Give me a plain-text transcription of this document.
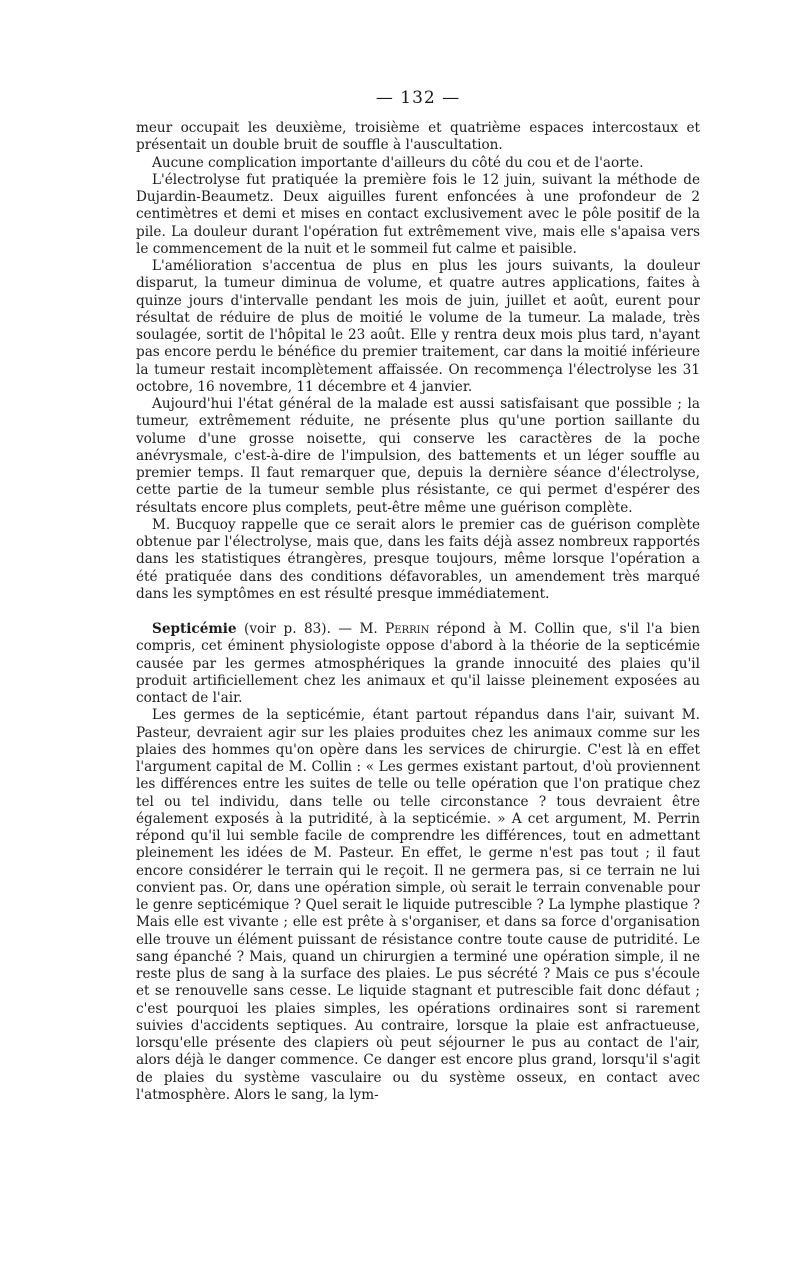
— 132 —

meur occupait les deuxième, troisième et quatrième espaces intercostaux et présentait un double bruit de souffle à l'auscultation.

Aucune complication importante d'ailleurs du côté du cou et de l'aorte.

L'électrolyse fut pratiquée la première fois le 12 juin, suivant la méthode de Dujardin-Beaumetz. Deux aiguilles furent enfoncées à une profondeur de 2 centimètres et demi et mises en contact exclusivement avec le pôle positif de la pile. La douleur durant l'opération fut extrêmement vive, mais elle s'apaisa vers le commencement de la nuit et le sommeil fut calme et paisible.

L'amélioration s'accentua de plus en plus les jours suivants, la douleur disparut, la tumeur diminua de volume, et quatre autres applications, faites à quinze jours d'intervalle pendant les mois de juin, juillet et août, eurent pour résultat de réduire de plus de moitié le volume de la tumeur. La malade, très soulagée, sortit de l'hôpital le 23 août. Elle y rentra deux mois plus tard, n'ayant pas encore perdu le bénéfice du premier traitement, car dans la moitié inférieure la tumeur restait incomplètement affaissée. On recommença l'électrolyse les 31 octobre, 16 novembre, 11 décembre et 4 janvier.

Aujourd'hui l'état général de la malade est aussi satisfaisant que possible ; la tumeur, extrêmement réduite, ne présente plus qu'une portion saillante du volume d'une grosse noisette, qui conserve les caractères de la poche anévrysmale, c'est-à-dire de l'impulsion, des battements et un léger souffle au premier temps. Il faut remarquer que, depuis la dernière séance d'électrolyse, cette partie de la tumeur semble plus résistante, ce qui permet d'espérer des résultats encore plus complets, peut-être même une guérison complète.

M. Bucquoy rappelle que ce serait alors le premier cas de guérison complète obtenue par l'électrolyse, mais que, dans les faits déjà assez nombreux rapportés dans les statistiques étrangères, presque toujours, même lorsque l'opération a été pratiquée dans des conditions défavorables, un amendement très marqué dans les symptômes en est résulté presque immédiatement.

Septicémie (voir p. 83). — M. Perrin répond à M. Collin que, s'il l'a bien compris, cet éminent physiologiste oppose d'abord à la théorie de la septicémie causée par les germes atmosphériques la grande innocuité des plaies qu'il produit artificiellement chez les animaux et qu'il laisse pleinement exposées au contact de l'air.

Les germes de la septicémie, étant partout répandus dans l'air, suivant M. Pasteur, devraient agir sur les plaies produites chez les animaux comme sur les plaies des hommes qu'on opère dans les services de chirurgie. C'est là en effet l'argument capital de M. Collin : « Les germes existant partout, d'où proviennent les différences entre les suites de telle ou telle opération que l'on pratique chez tel ou tel individu, dans telle ou telle circonstance ? tous devraient être également exposés à la putridité, à la septicémie. » A cet argument, M. Perrin répond qu'il lui semble facile de comprendre les différences, tout en admettant pleinement les idées de M. Pasteur. En effet, le germe n'est pas tout ; il faut encore considérer le terrain qui le reçoit. Il ne germera pas, si ce terrain ne lui convient pas. Or, dans une opération simple, où serait le terrain convenable pour le genre septicémique ? Quel serait le liquide putrescible ? La lymphe plastique ? Mais elle est vivante ; elle est prête à s'organiser, et dans sa force d'organisation elle trouve un élément puissant de résistance contre toute cause de putridité. Le sang épanché ? Mais, quand un chirurgien a terminé une opération simple, il ne reste plus de sang à la surface des plaies. Le pus sécrété ? Mais ce pus s'écoule et se renouvelle sans cesse. Le liquide stagnant et putrescible fait donc défaut ; c'est pourquoi les plaies simples, les opérations ordinaires sont si rarement suivies d'accidents septiques. Au contraire, lorsque la plaie est anfractueuse, lorsqu'elle présente des clapiers où peut séjourner le pus au contact de l'air, alors déjà le danger commence. Ce danger est encore plus grand, lorsqu'il s'agit de plaies du système vasculaire ou du système osseux, en contact avec l'atmosphère. Alors le sang, la lym-
